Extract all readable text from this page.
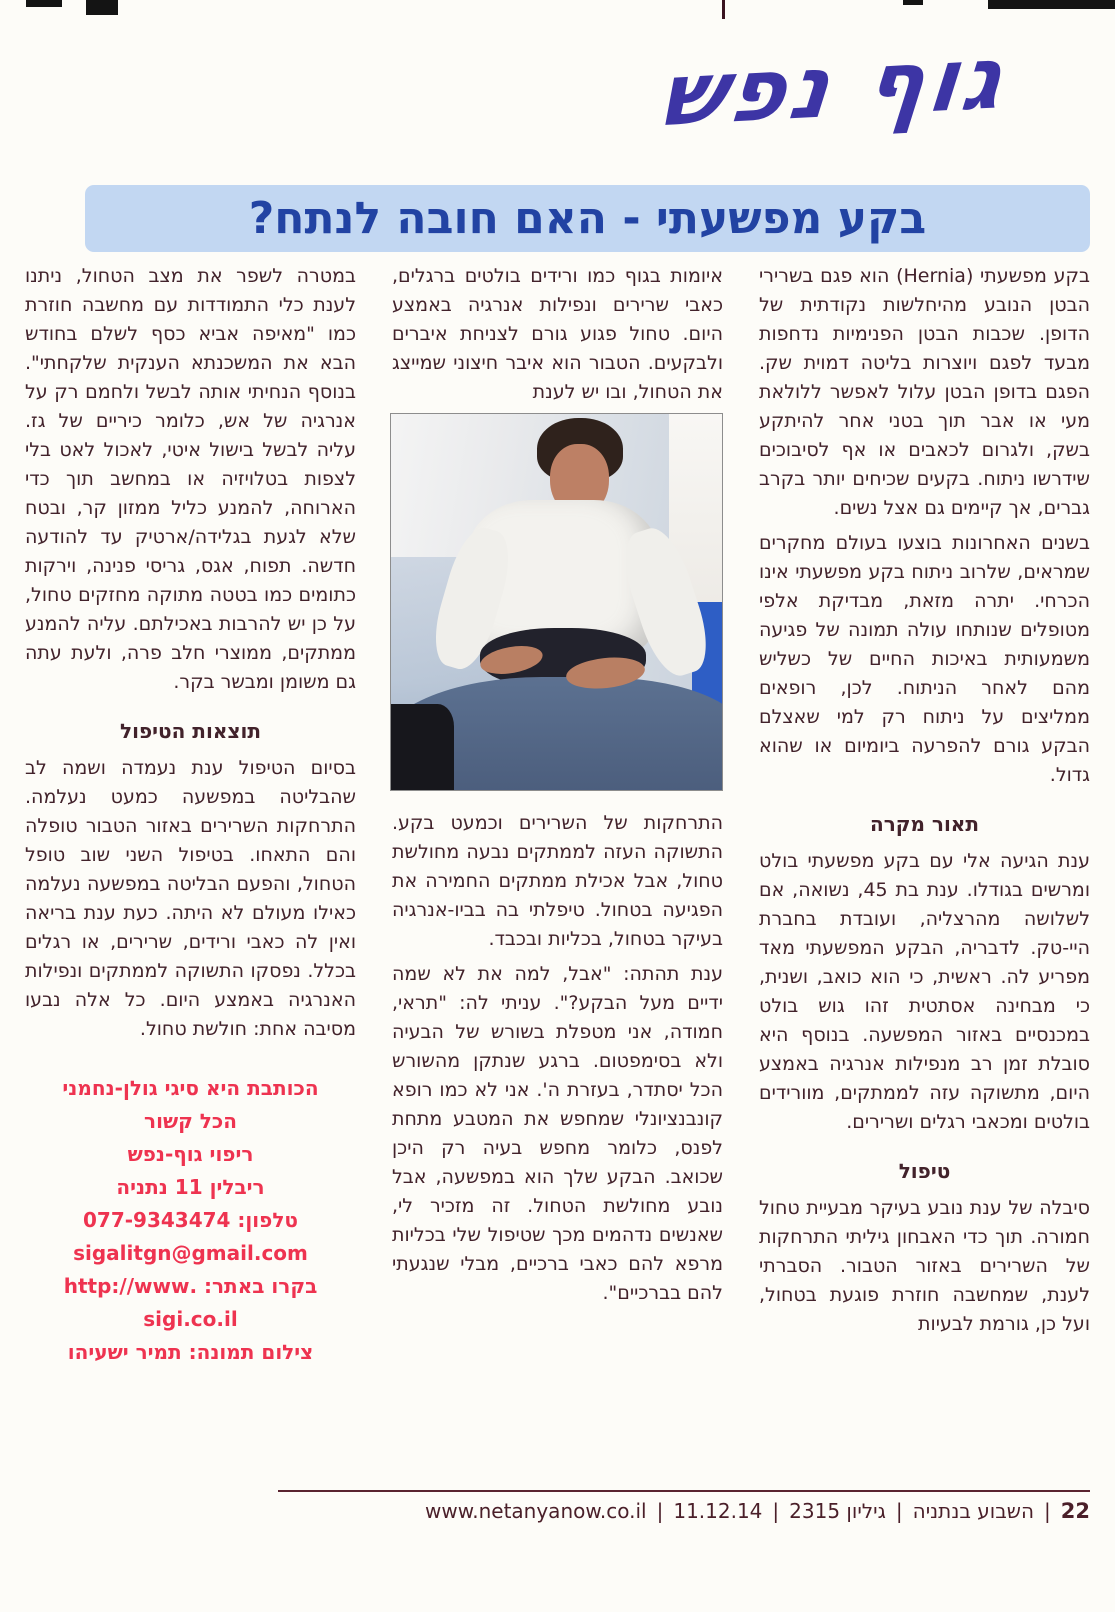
גוף נפש
בקע מפשעתי - האם חובה לנתח?

בקע מפשעתי (Hernia) הוא פגם בשרירי הבטן הנובע מהיחלשות נקודתית של הדופן. שכבות הבטן הפנימיות נדחפות מבעד לפגם ויוצרות בליטה דמוית שק. הפגם בדופן הבטן עלול לאפשר ללולאת מעי או אבר תוך בטני אחר להיתקע בשק, ולגרום לכאבים או אף לסיבוכים שידרשו ניתוח. בקעים שכיחים יותר בקרב גברים, אך קיימים גם אצל נשים.

בשנים האחרונות בוצעו בעולם מחקרים שמראים, שלרוב ניתוח בקע מפשעתי אינו הכרחי. יתרה מזאת, מבדיקת אלפי מטופלים שנותחו עולה תמונה של פגיעה משמעותית באיכות החיים של כשליש מהם לאחר הניתוח. לכן, רופאים ממליצים על ניתוח רק למי שאצלם הבקע גורם להפרעה ביומיום או שהוא גדול.

תאור מקרה

ענת הגיעה אלי עם בקע מפשעתי בולט ומרשים בגודלו. ענת בת 45, נשואה, אם לשלושה מהרצליה, ועובדת בחברת היי-טק. לדבריה, הבקע המפשעתי מאד מפריע לה. ראשית, כי הוא כואב, ושנית, כי מבחינה אסתטית זהו גוש בולט במכנסיים באזור המפשעה. בנוסף היא סובלת זמן רב מנפילות אנרגיה באמצע היום, מתשוקה עזה לממתקים, מוורידים בולטים ומכאבי רגלים ושרירים.

טיפול

סיבלה של ענת נובע בעיקר מבעיית טחול חמורה. תוך כדי האבחון גיליתי התרחקות של השרירים באזור הטבור. הסברתי לענת, שמחשבה חוזרת פוגעת בטחול, ועל כן, גורמת לבעיות

איומות בגוף כמו ורידים בולטים ברגלים, כאבי שרירים ונפילות אנרגיה באמצע היום. טחול פגוע גורם לצניחת איברים ולבקעים. הטבור הוא איבר חיצוני שמייצג את הטחול, ובו יש לענת

התרחקות של השרירים וכמעט בקע. התשוקה העזה לממתקים נבעה מחולשת טחול, אבל אכילת ממתקים החמירה את הפגיעה בטחול. טיפלתי בה בביו-אנרגיה בעיקר בטחול, בכליות ובכבד.

ענת תהתה: "אבל, למה את לא שמה ידיים מעל הבקע?". עניתי לה: "תראי, חמודה, אני מטפלת בשורש של הבעיה ולא בסימפטום. ברגע שנתקן מהשורש הכל יסתדר, בעזרת ה'. אני לא כמו רופא קונבנציונלי שמחפש את המטבע מתחת לפנס, כלומר מחפש בעיה רק היכן שכואב. הבקע שלך הוא במפשעה, אבל נובע מחולשת הטחול. זה מזכיר לי, שאנשים נדהמים מכך שטיפול שלי בכליות מרפא להם כאבי ברכיים, מבלי שנגעתי להם בברכיים".

במטרה לשפר את מצב הטחול, ניתנו לענת כלי התמודדות עם מחשבה חוזרת כמו "מאיפה אביא כסף לשלם בחודש הבא את המשכנתא הענקית שלקחתי". בנוסף הנחיתי אותה לבשל ולחמם רק על אנרגיה של אש, כלומר כיריים של גז. עליה לבשל בישול איטי, לאכול לאט בלי לצפות בטלויזיה או במחשב תוך כדי הארוחה, להמנע כליל ממזון קר, ובטח שלא לגעת בגלידה/ארטיק עד להודעה חדשה. תפוח, אגס, גריסי פנינה, וירקות כתומים כמו בטטה מתוקה מחזקים טחול, על כן יש להרבות באכילתם. עליה להמנע ממתקים, ממוצרי חלב פרה, ולעת עתה גם משומן ומבשר בקר.

תוצאות הטיפול

בסיום הטיפול ענת נעמדה ושמה לב שהבליטה במפשעה כמעט נעלמה. התרחקות השרירים באזור הטבור טופלה והם התאחו. בטיפול השני שוב טופל הטחול, והפעם הבליטה במפשעה נעלמה כאילו מעולם לא היתה. כעת ענת בריאה ואין לה כאבי ורידים, שרירים, או רגלים בכלל. נפסקו התשוקה לממתקים ונפילות האנרגיה באמצע היום. כל אלה נבעו מסיבה אחת: חולשת טחול.

הכותבת היא סיגי גולן-נחמני
הכל קשור
ריפוי גוף-נפש
ריבלין 11 נתניה
טלפון: 077-9343474
sigalitgn@gmail.com
בקרו באתר: .http://www
sigi.co.il
צילום תמונה: תמיר ישעיהו
22
|
השבוע בנתניה
|
גיליון 2315
|
11.12.14
|
www.netanyanow.co.il
